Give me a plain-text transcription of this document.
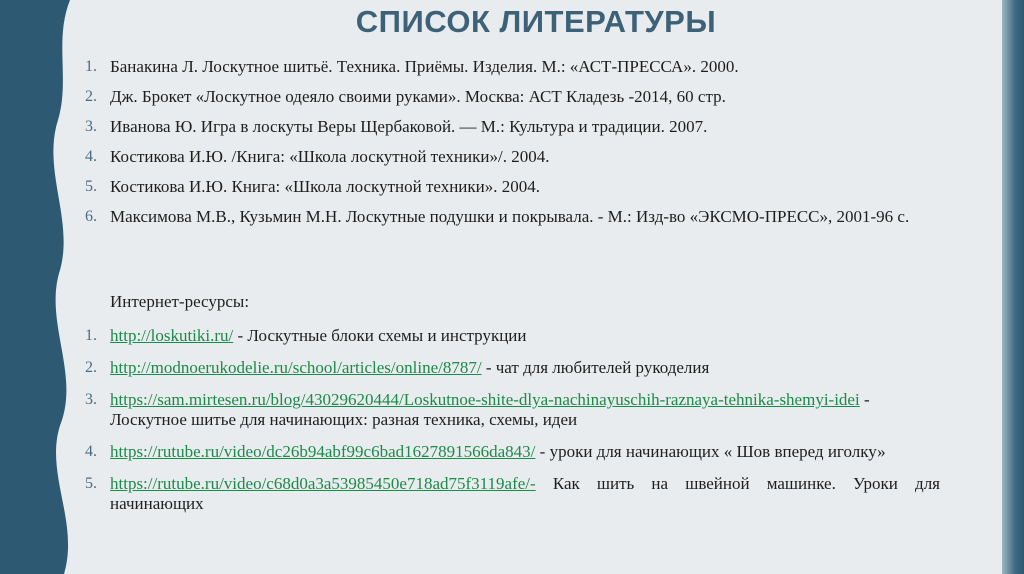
СПИСОК ЛИТЕРАТУРЫ
1. Банакина Л. Лоскутное шитьё. Техника. Приёмы. Изделия. М.: «АСТ-ПРЕССА». 2000.
2. Дж. Брокет «Лоскутное одеяло своими руками». Москва: АСТ Кладезь -2014, 60 стр.
3. Иванова Ю. Игра в лоскуты Веры Щербаковой. — М.: Культура и традиции. 2007.
4. Костикова И.Ю. /Книга: «Школа лоскутной техники»/. 2004.
5. Костикова И.Ю. Книга: «Школа лоскутной техники». 2004.
6. Максимова М.В., Кузьмин М.Н. Лоскутные подушки и покрывала. - М.: Изд-во «ЭКСМО-ПРЕСС», 2001-96 с.
Интернет-ресурсы:
1. http://loskutiki.ru/ - Лоскутные блоки схемы и инструкции
2. http://modnoerukodelie.ru/school/articles/online/8787/ - чат для любителей рукоделия
3. https://sam.mirtesen.ru/blog/43029620444/Loskutnoe-shite-dlya-nachinayuschih-raznaya-tehnika-shemyi-idei - Лоскутное шитье для начинающих: разная техника, схемы, идеи
4. https://rutube.ru/video/dc26b94abf99c6bad1627891566da843/ - уроки для начинающих « Шов вперед иголку»
5. https://rutube.ru/video/c68d0a3a53985450e718ad75f3119afe/- Как шить на швейной машинке. Уроки для начинающих
